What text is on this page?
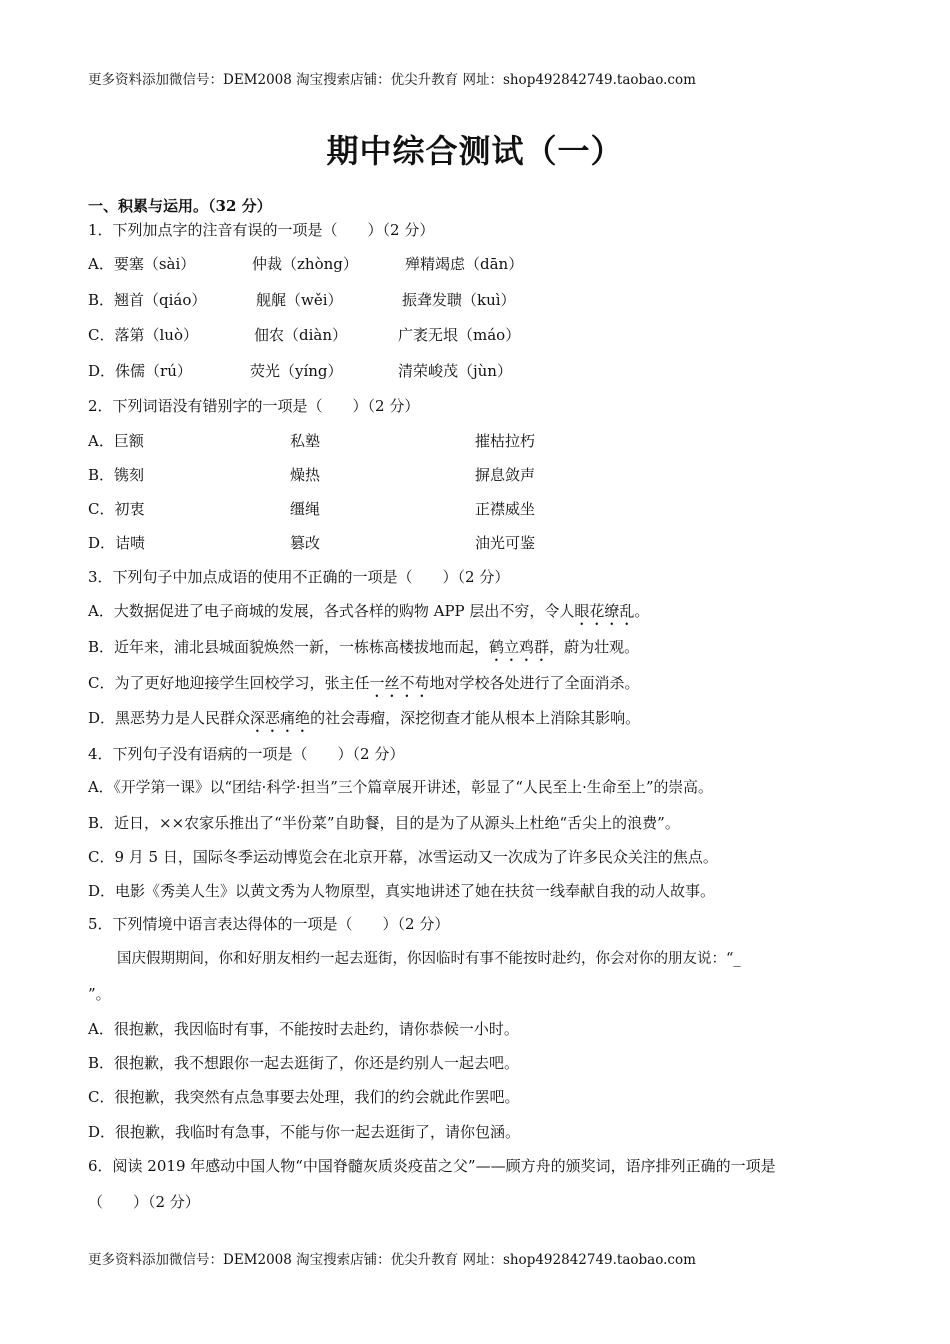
更多资料添加微信号：DEM2008 淘宝搜索店铺：优尖升教育 网址：shop492842749.taobao.com
期中综合测试（一）
一、积累与运用。（32 分）
1．下列加点字的注音有误的一项是（　　）（2 分）
A．要塞（sài）	仲裁（zhòng）	殚精竭虑（dān）
B．翘首（qiáo）	舰艉（wěi）	振聋发聩（kuì）
C．落第（luò）	佃农（diàn）	广袤无垠（máo）
D．侏儒（rú）	荧光（yíng）	清荣峻茂（jùn）
2．下列词语没有错别字的一项是（　　）（2 分）
A．巨额	私塾	摧枯拉朽
B．镌刻	燥热	摒息敛声
C．初衷	缰绳	正襟威坐
D．诘啧	篡改	油光可鉴
3．下列句子中加点成语的使用不正确的一项是（　　）（2 分）
A．大数据促进了电子商城的发展，各式各样的购物 APP 层出不穷，令人眼花缭乱。
B．近年来，浦北县城面貌焕然一新，一栋栋高楼拔地而起，鹤立鸡群，蔚为壮观。
C．为了更好地迎接学生回校学习，张主任一丝不苟地对学校各处进行了全面消杀。
D．黑恶势力是人民群众深恶痛绝的社会毒瘤，深挖彻查才能从根本上消除其影响。
4．下列句子没有语病的一项是（　　）（2 分）
A．《开学第一课》以“团结·科学·担当”三个篇章展开讲述，彰显了“人民至上·生命至上”的崇高。
B．近日，××农家乐推出了“半份菜”自助餐，目的是为了从源头上杜绝“舌尖上的浪费”。
C．9 月 5 日，国际冬季运动博览会在北京开幕，冰雪运动又一次成为了许多民众关注的焦点。
D．电影《秀美人生》以黄文秀为人物原型，真实地讲述了她在扶贫一线奉献自我的动人故事。
5．下列情境中语言表达得体的一项是（　　）（2 分）
　　国庆假期期间，你和好朋友相约一起去逛街，你因临时有事不能按时赴约，你会对你的朋友说：“_
”。
A．很抱歉，我因临时有事，不能按时去赴约，请你恭候一小时。
B．很抱歉，我不想跟你一起去逛街了，你还是约别人一起去吧。
C．很抱歉，我突然有点急事要去处理，我们的约会就此作罢吧。
D．很抱歉，我临时有急事，不能与你一起去逛街了，请你包涵。
6．阅读 2019 年感动中国人物“中国脊髓灰质炎疫苗之父”——顾方舟的颁奖词，语序排列正确的一项是
（　　）（2 分）
更多资料添加微信号：DEM2008 淘宝搜索店铺：优尖升教育 网址：shop492842749.taobao.com
